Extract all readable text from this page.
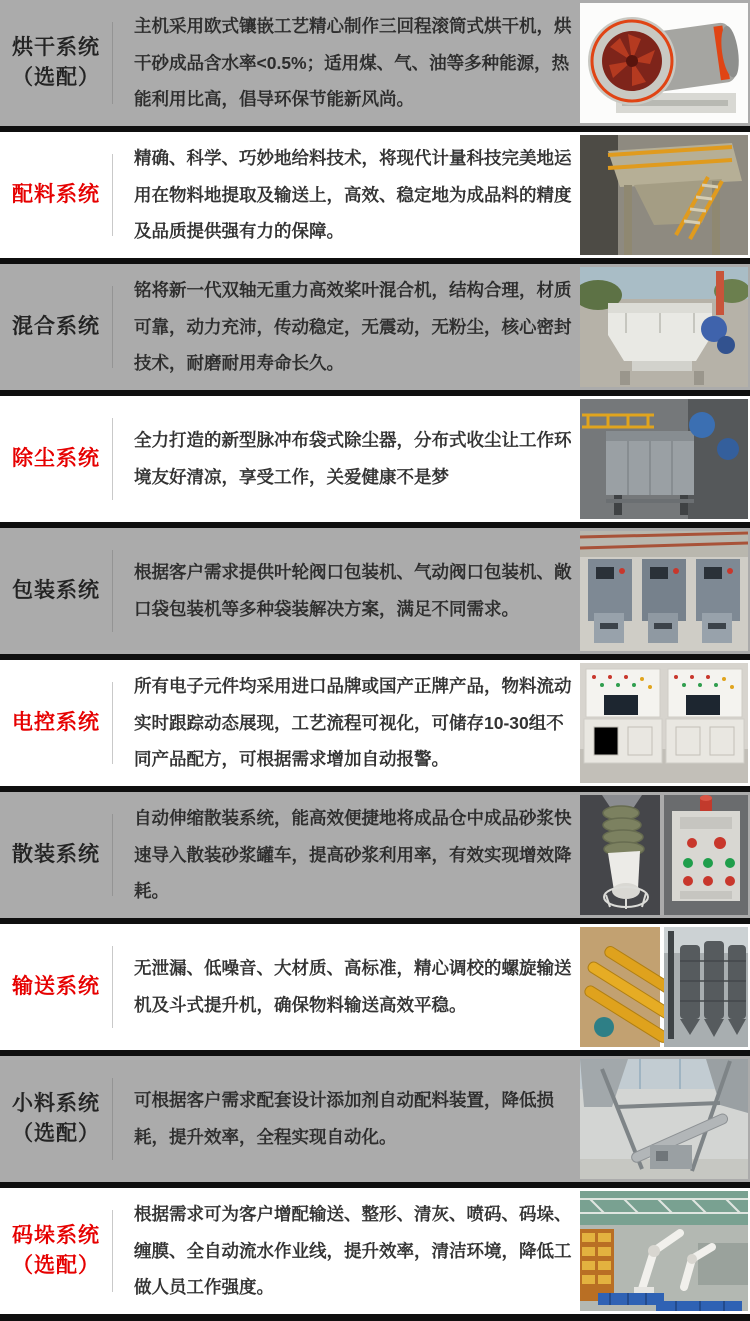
烘干系统
（选配）
主机采用欧式镶嵌工艺精心制作三回程滚筒式烘干机，烘干砂成品含水率<0.5%；适用煤、气、油等多种能源，热能利用比高，倡导环保节能新风尚。
配料系统
精确、科学、巧妙地给料技术，将现代计量科技完美地运用在物料地提取及输送上，高效、稳定地为成品料的精度及品质提供强有力的保障。
混合系统
铭将新一代双轴无重力高效桨叶混合机，结构合理，材质可靠，动力充沛，传动稳定，无震动，无粉尘，核心密封技术，耐磨耐用寿命长久。
除尘系统
全力打造的新型脉冲布袋式除尘器，分布式收尘让工作环境友好清凉，享受工作，关爱健康不是梦
包装系统
根据客户需求提供叶轮阀口包装机、气动阀口包装机、敞口袋包装机等多种袋装解决方案，满足不同需求。
电控系统
所有电子元件均采用进口品牌或国产正牌产品，物料流动实时跟踪动态展现，工艺流程可视化，可储存10-30组不同产品配方，可根据需求增加自动报警。
散装系统
自动伸缩散装系统，能高效便捷地将成品仓中成品砂浆快速导入散装砂浆罐车，提高砂浆利用率，有效实现增效降耗。
输送系统
无泄漏、低噪音、大材质、高标准，精心调校的螺旋输送机及斗式提升机，确保物料输送高效平稳。
小料系统
（选配）
可根据客户需求配套设计添加剂自动配料装置，降低损耗，提升效率，全程实现自动化。
码垛系统
（选配）
根据需求可为客户增配输送、整形、清灰、喷码、码垛、缠膜、全自动流水作业线，提升效率，清洁环境，降低工做人员工作强度。
